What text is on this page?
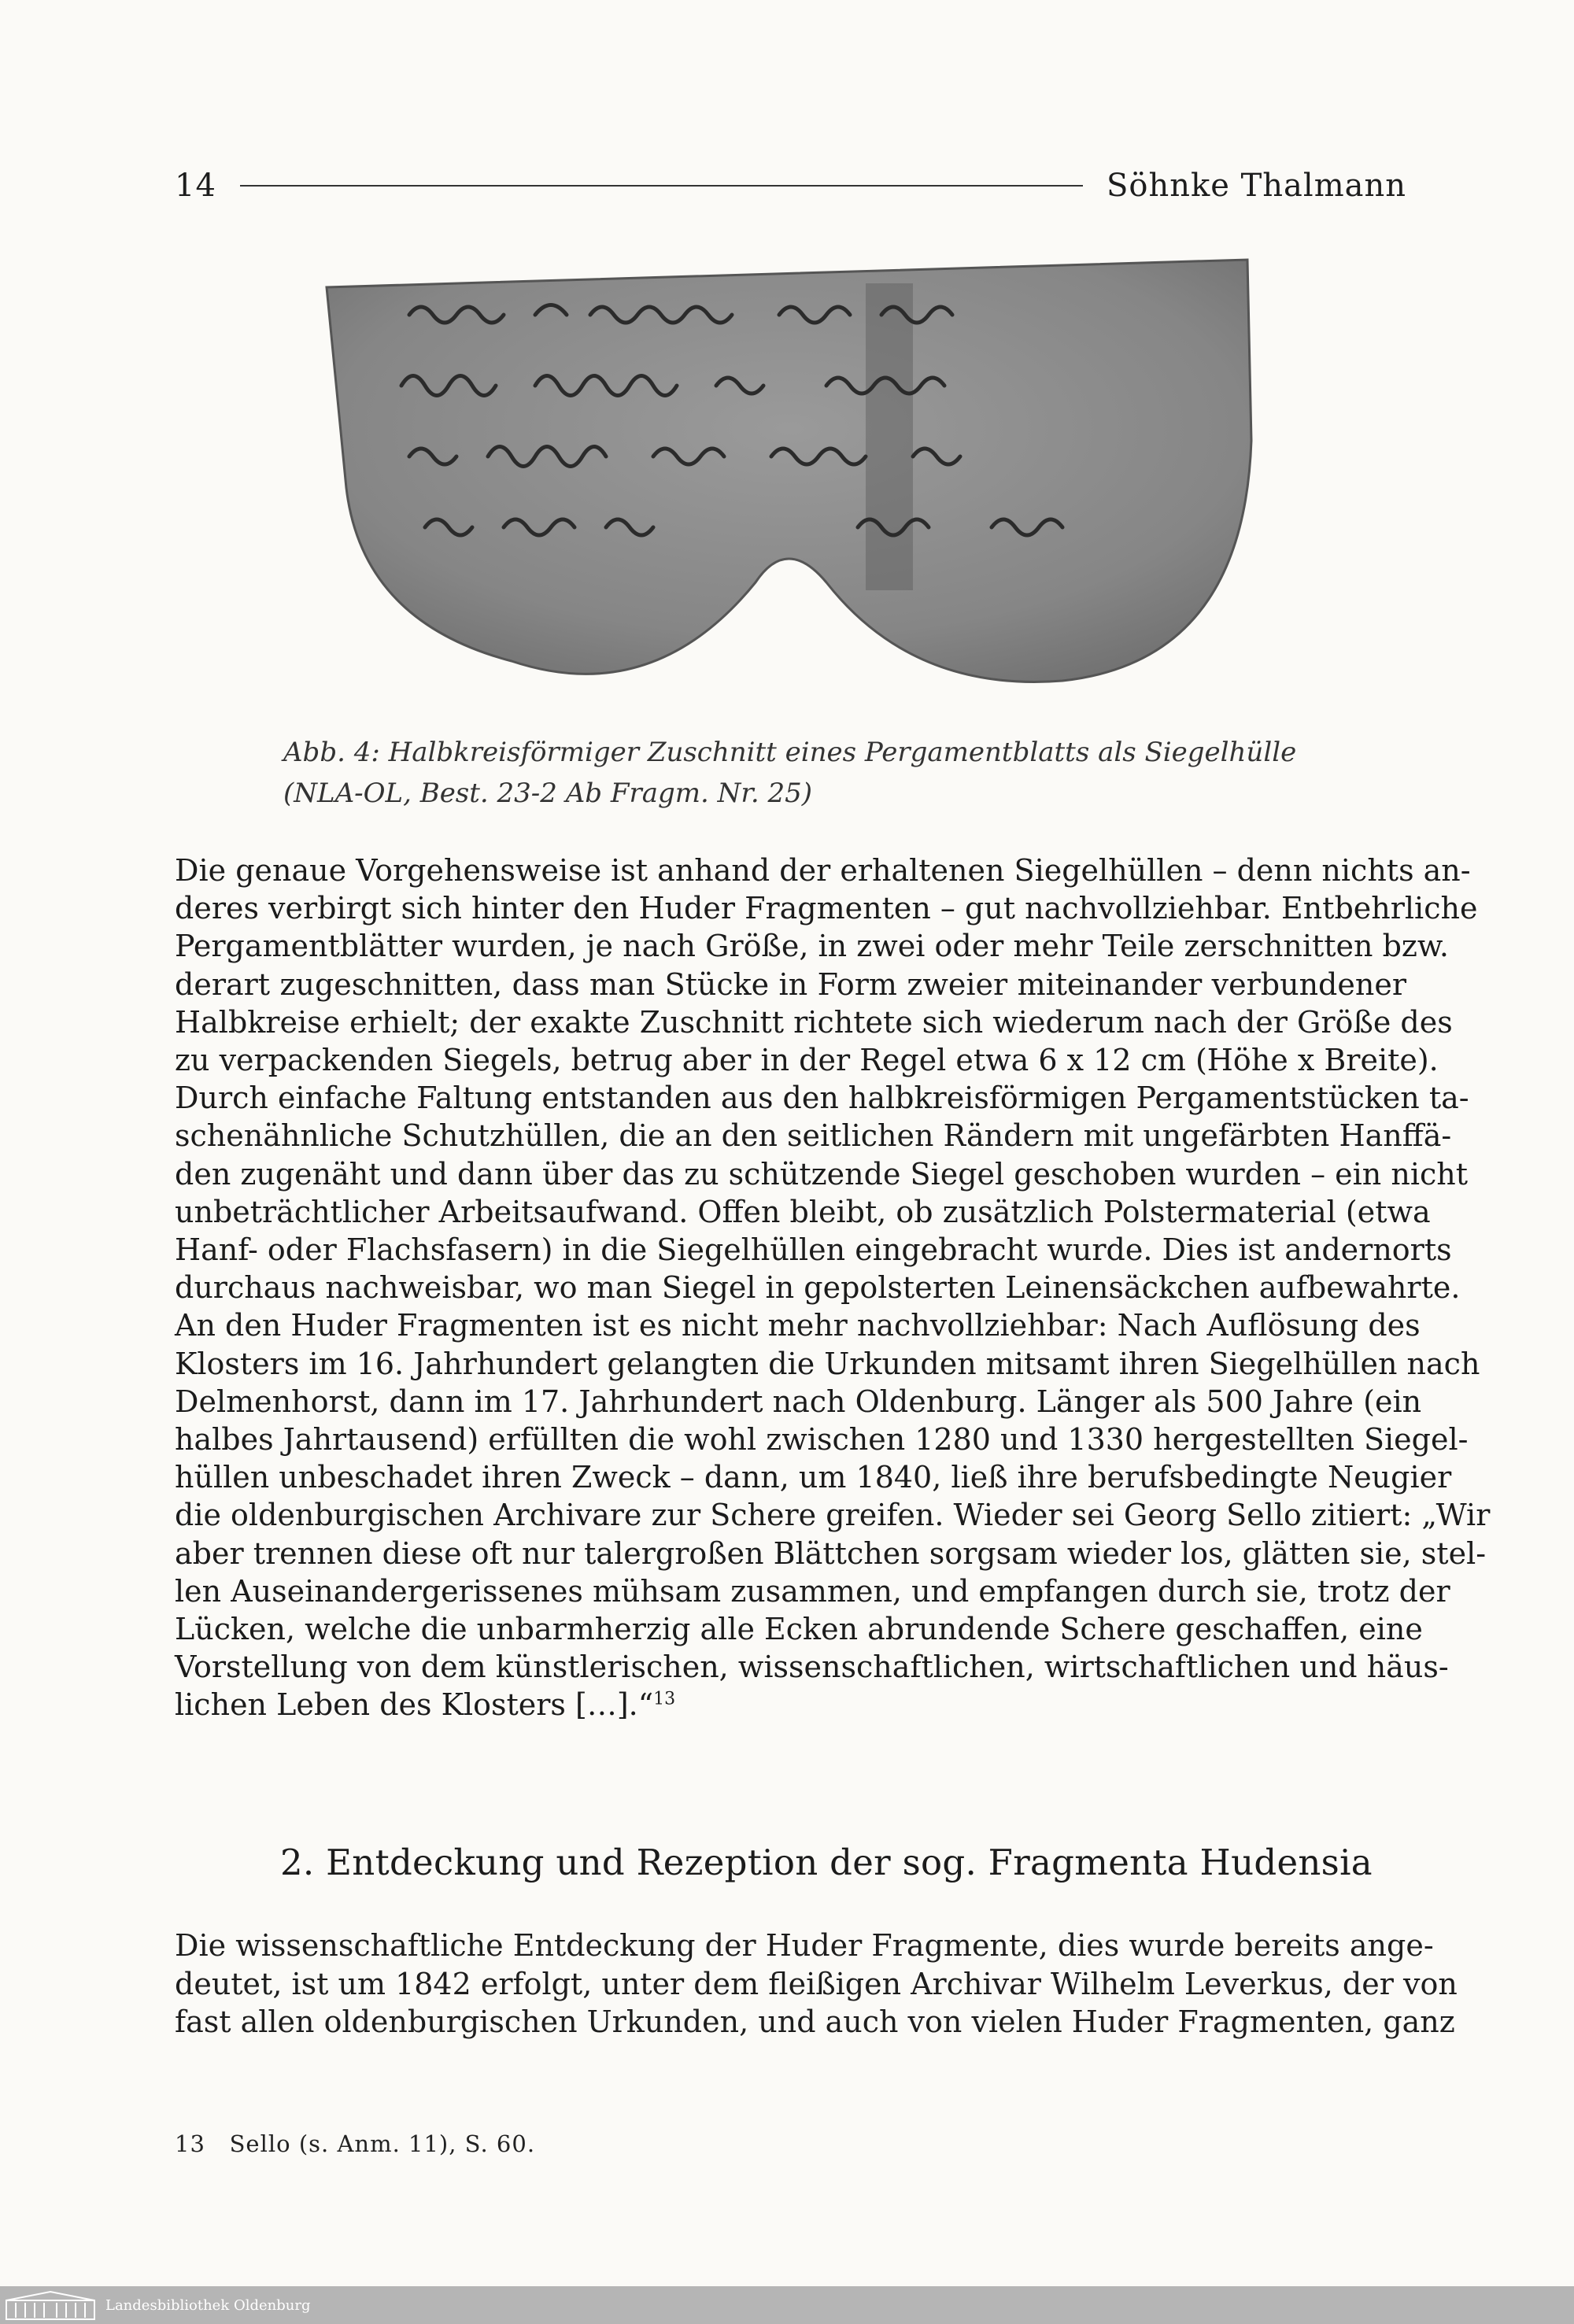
14	Söhnke Thalmann

Abb. 4: Halbkreisförmiger Zuschnitt eines Pergamentblatts als Siegelhülle

(NLA-OL, Best. 23-2 Ab Fragm. Nr. 25)

Die genaue Vorgehensweise ist anhand der erhaltenen Siegelhüllen – denn nichts an-
deres verbirgt sich hinter den Huder Fragmenten – gut nachvollziehbar. Entbehrliche
Pergamentblätter wurden, je nach Größe, in zwei oder mehr Teile zerschnitten bzw.
derart zugeschnitten, dass man Stücke in Form zweier miteinander verbundener
Halbkreise erhielt; der exakte Zuschnitt richtete sich wiederum nach der Größe des
zu verpackenden Siegels, betrug aber in der Regel etwa 6 x 12 cm (Höhe x Breite).
Durch einfache Faltung entstanden aus den halbkreisförmigen Pergamentstücken ta-
schenähnliche Schutzhüllen, die an den seitlichen Rändern mit ungefärbten Hanffä-
den zugenäht und dann über das zu schützende Siegel geschoben wurden – ein nicht
unbeträchtlicher Arbeitsaufwand. Offen bleibt, ob zusätzlich Polstermaterial (etwa
Hanf- oder Flachsfasern) in die Siegelhüllen eingebracht wurde. Dies ist andernorts
durchaus nachweisbar, wo man Siegel in gepolsterten Leinensäckchen aufbewahrte.
An den Huder Fragmenten ist es nicht mehr nachvollziehbar: Nach Auflösung des
Klosters im 16. Jahrhundert gelangten die Urkunden mitsamt ihren Siegelhüllen nach
Delmenhorst, dann im 17. Jahrhundert nach Oldenburg. Länger als 500 Jahre (ein
halbes Jahrtausend) erfüllten die wohl zwischen 1280 und 1330 hergestellten Siegel-
hüllen unbeschadet ihren Zweck – dann, um 1840, ließ ihre berufsbedingte Neugier
die oldenburgischen Archivare zur Schere greifen. Wieder sei Georg Sello zitiert: „Wir
aber trennen diese oft nur talergroßen Blättchen sorgsam wieder los, glätten sie, stel-
len Auseinandergerissenes mühsam zusammen, und empfangen durch sie, trotz der
Lücken, welche die unbarmherzig alle Ecken abrundende Schere geschaffen, eine
Vorstellung von dem künstlerischen, wissenschaftlichen, wirtschaftlichen und häus-
lichen Leben des Klosters […].“$^{13}$
2. Entdeckung und Rezeption der sog. Fragmenta Hudensia
Die wissenschaftliche Entdeckung der Huder Fragmente, dies wurde bereits ange-
deutet, ist um 1842 erfolgt, unter dem fleißigen Archivar Wilhelm Leverkus, der von
fast allen oldenburgischen Urkunden, und auch von vielen Huder Fragmenten, ganz
13 Sello (s. Anm. 11), S. 60.
Landesbibliothek Oldenburg
